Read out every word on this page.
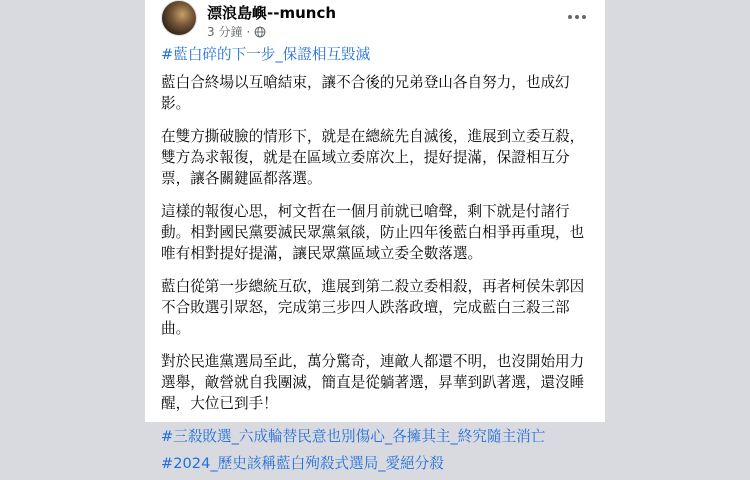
漂浪島嶼--munch
3 分鐘 ·
#藍白碎的下一步_保證相互毀滅

藍白合終場以互嗆結束，讓不合後的兄弟登山各自努力，也成幻影。

在雙方撕破臉的情形下，就是在總統先自滅後，進展到立委互殺，雙方為求報復，就是在區域立委席次上，提好提滿，保證相互分票，讓各關鍵區都落選。

這樣的報復心思，柯文哲在一個月前就已嗆聲，剩下就是付諸行動。相對國民黨要滅民眾黨氣燄，防止四年後藍白相爭再重現，也唯有相對提好提滿，讓民眾黨區域立委全數落選。

藍白從第一步總統互砍，進展到第二殺立委相殺，再者柯侯朱郭因不合敗選引眾怒，完成第三步四人跌落政壇，完成藍白三殺三部曲。

對於民進黨選局至此，萬分驚奇，連敵人都還不明，也沒開始用力選舉，敵營就自我團滅，簡直是從躺著選，昇華到趴著選，還沒睡醒，大位已到手！

#三殺敗選_六成輪替民意也別傷心_各擁其主_終究隨主消亡
#2024_歷史該稱藍白殉殺式選局_愛絕分殺
